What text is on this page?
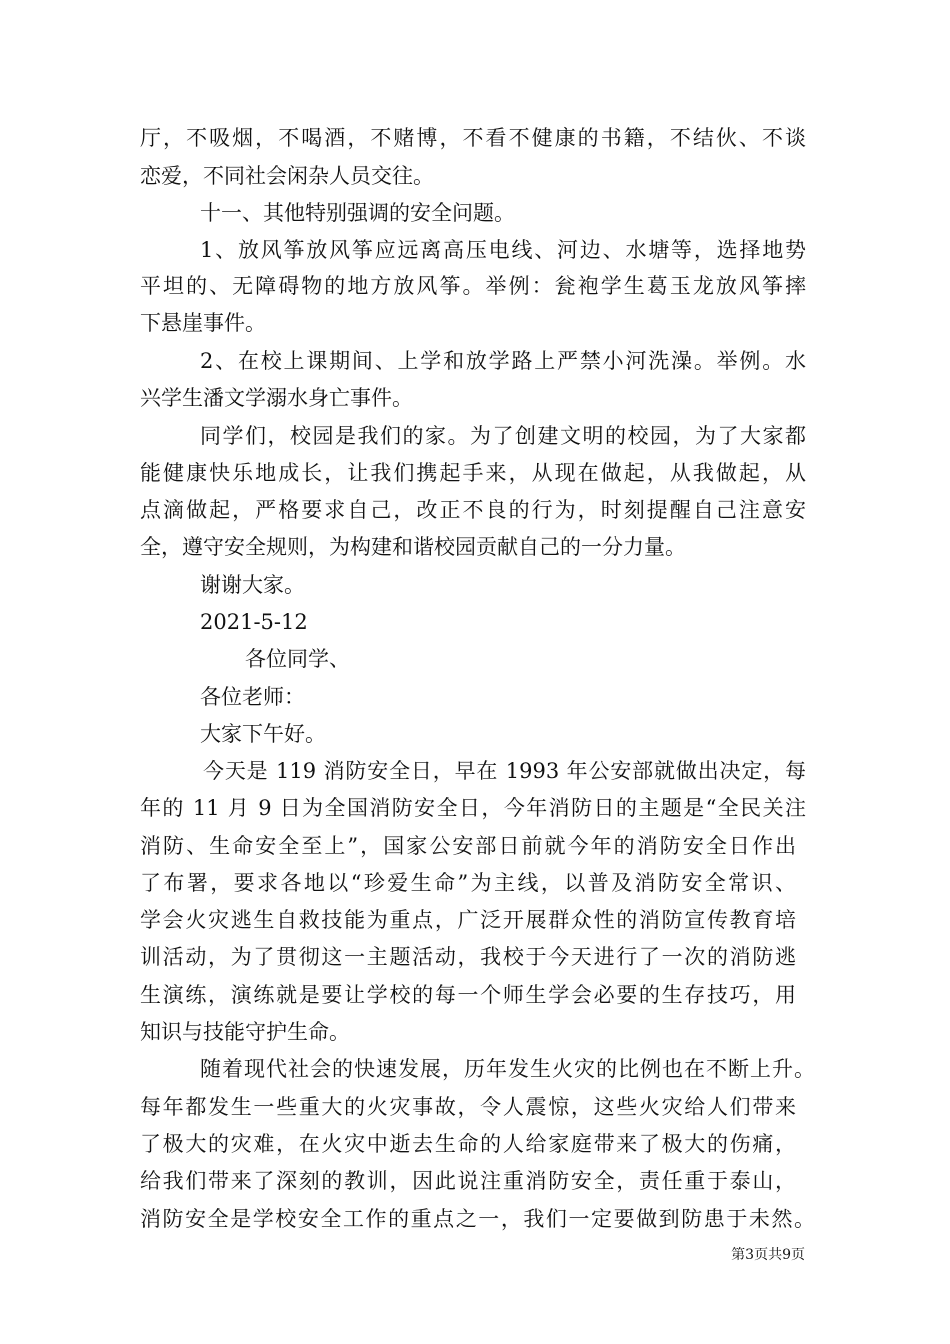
厅，不吸烟，不喝酒，不赌博，不看不健康的书籍，不结伙、不谈
恋爱，不同社会闲杂人员交往。
十一、其他特别强调的安全问题。
1、放风筝放风筝应远离高压电线、河边、水塘等，选择地势
平坦的、无障碍物的地方放风筝。举例：瓮袍学生葛玉龙放风筝摔
下悬崖事件。
2、在校上课期间、上学和放学路上严禁小河洗澡。举例。水
兴学生潘文学溺水身亡事件。
同学们，校园是我们的家。为了创建文明的校园，为了大家都
能健康快乐地成长，让我们携起手来，从现在做起，从我做起，从
点滴做起，严格要求自己，改正不良的行为，时刻提醒自己注意安
全，遵守安全规则，为构建和谐校园贡献自己的一分力量。
谢谢大家。
2021-5-12
各位同学、
各位老师：
大家下午好。
今天是 119 消防安全日，早在 1993 年公安部就做出决定，每
年的 11 月 9 日为全国消防安全日，今年消防日的主题是“全民关注
消防、生命安全至上”，国家公安部日前就今年的消防安全日作出
了布署，要求各地以“珍爱生命”为主线，以普及消防安全常识、
学会火灾逃生自救技能为重点，广泛开展群众性的消防宣传教育培
训活动，为了贯彻这一主题活动，我校于今天进行了一次的消防逃
生演练，演练就是要让学校的每一个师生学会必要的生存技巧，用
知识与技能守护生命。
随着现代社会的快速发展，历年发生火灾的比例也在不断上升。
每年都发生一些重大的火灾事故，令人震惊，这些火灾给人们带来
了极大的灾难，在火灾中逝去生命的人给家庭带来了极大的伤痛，
给我们带来了深刻的教训，因此说注重消防安全，责任重于泰山，
消防安全是学校安全工作的重点之一，我们一定要做到防患于未然。
第3页共9页
